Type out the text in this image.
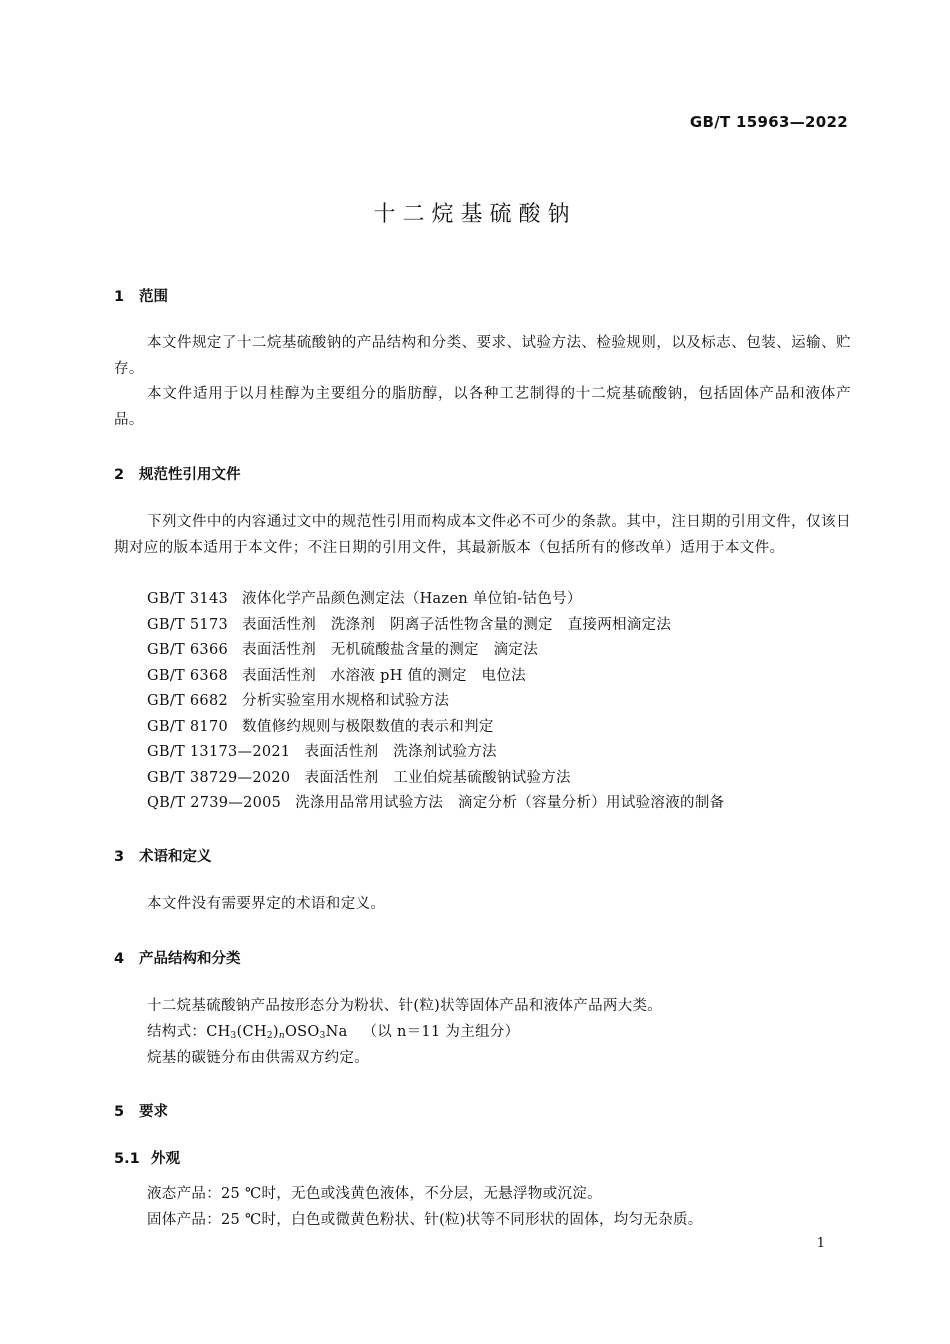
GB/T 15963—2022
十二烷基硫酸钠
1 范围
本文件规定了十二烷基硫酸钠的产品结构和分类、要求、试验方法、检验规则，以及标志、包装、运输、贮存。
本文件适用于以月桂醇为主要组分的脂肪醇，以各种工艺制得的十二烷基硫酸钠，包括固体产品和液体产品。
2 规范性引用文件
下列文件中的内容通过文中的规范性引用而构成本文件必不可少的条款。其中，注日期的引用文件，仅该日期对应的版本适用于本文件；不注日期的引用文件，其最新版本（包括所有的修改单）适用于本文件。
GB/T 3143 液体化学产品颜色测定法（Hazen 单位铂-钴色号）
GB/T 5173 表面活性剂　洗涤剂　阴离子活性物含量的测定　直接两相滴定法
GB/T 6366 表面活性剂　无机硫酸盐含量的测定　滴定法
GB/T 6368 表面活性剂　水溶液 pH 值的测定　电位法
GB/T 6682 分析实验室用水规格和试验方法
GB/T 8170 数值修约规则与极限数值的表示和判定
GB/T 13173—2021 表面活性剂　洗涤剂试验方法
GB/T 38729—2020 表面活性剂　工业伯烷基硫酸钠试验方法
QB/T 2739—2005 洗涤用品常用试验方法　滴定分析（容量分析）用试验溶液的制备
3 术语和定义
本文件没有需要界定的术语和定义。
4 产品结构和分类
十二烷基硫酸钠产品按形态分为粉状、针(粒)状等固体产品和液体产品两大类。
结构式：$CH_3(CH_2)_nOSO_3Na$ （以 n＝11 为主组分）
烷基的碳链分布由供需双方约定。
5 要求
5.1 外观
液态产品：25 ℃时，无色或浅黄色液体，不分层，无悬浮物或沉淀。
固体产品：25 ℃时，白色或微黄色粉状、针(粒)状等不同形状的固体，均匀无杂质。
1
